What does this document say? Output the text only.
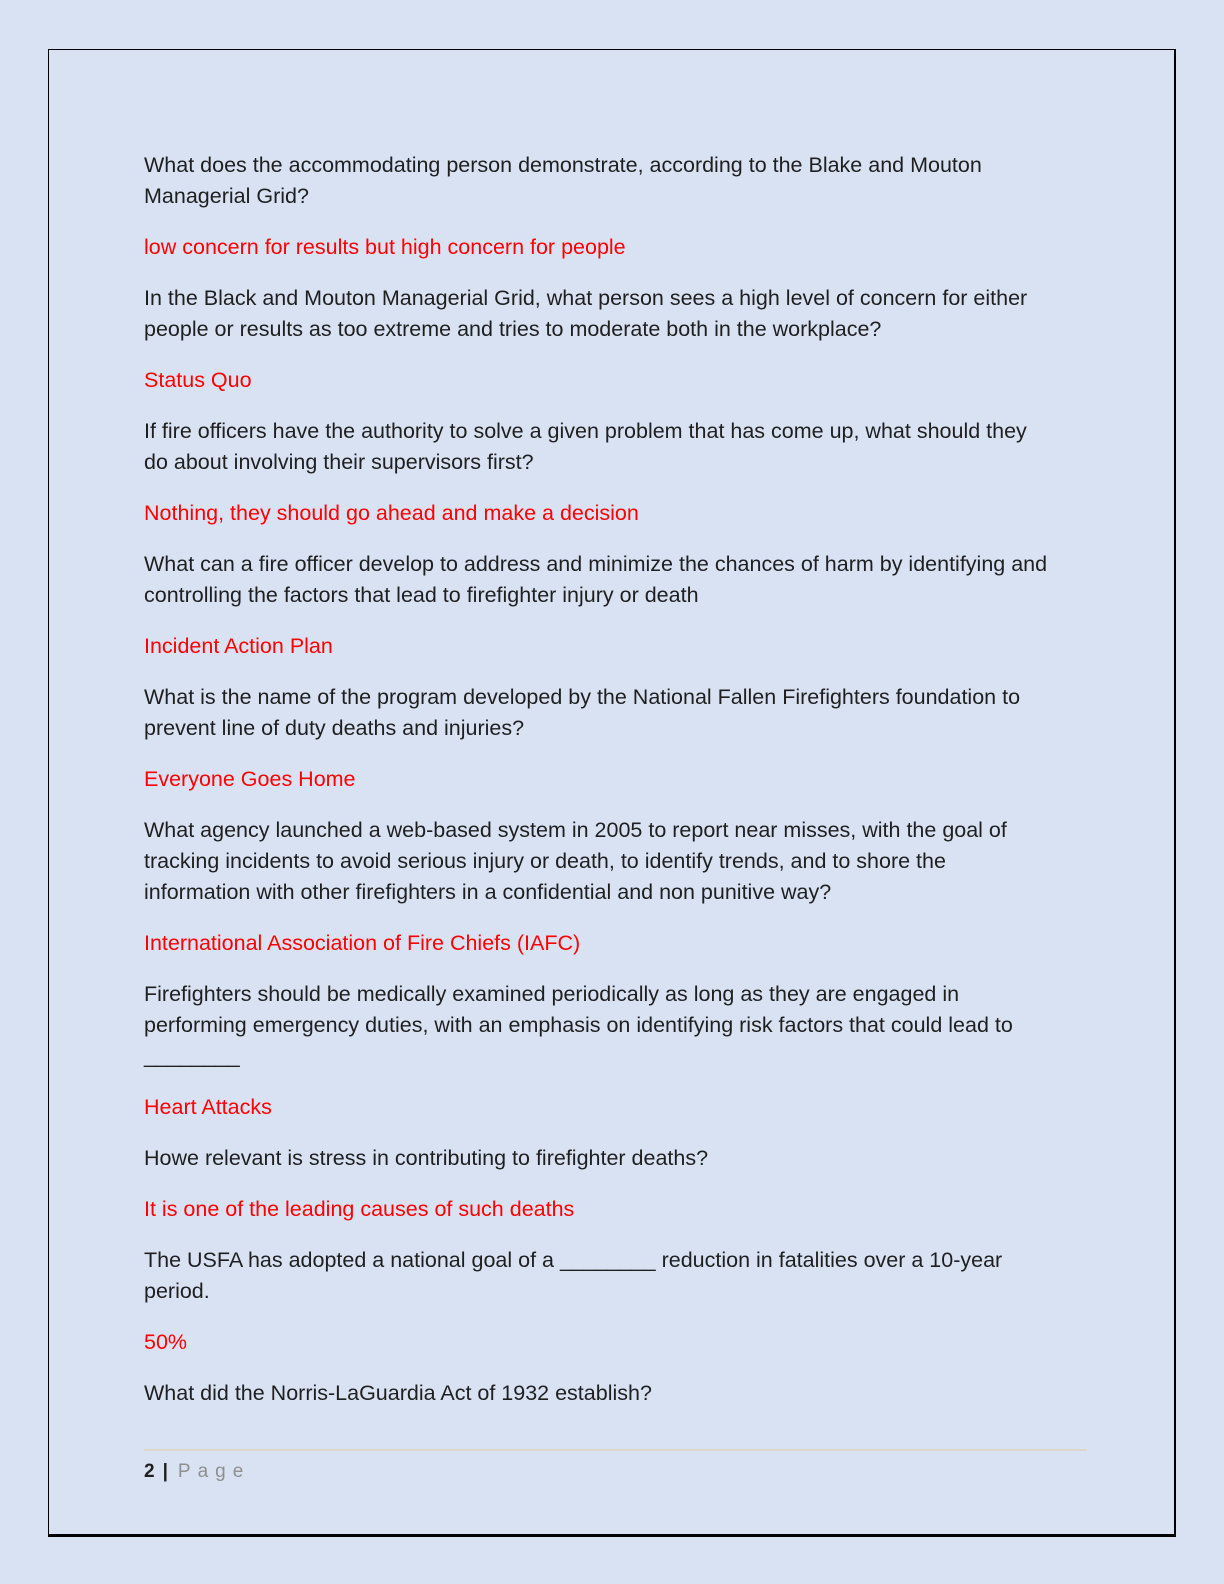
What does the accommodating person demonstrate, according to the Blake and Mouton Managerial Grid?

low concern for results but high concern for people

In the Black and Mouton Managerial Grid, what person sees a high level of concern for either people or results as too extreme and tries to moderate both in the workplace?

Status Quo

If fire officers have the authority to solve a given problem that has come up, what should they do about involving their supervisors first?

Nothing, they should go ahead and make a decision

What can a fire officer develop to address and minimize the chances of harm by identifying and controlling the factors that lead to firefighter injury or death

Incident Action Plan

What is the name of the program developed by the National Fallen Firefighters foundation to prevent line of duty deaths and injuries?

Everyone Goes Home

What agency launched a web-based system in 2005 to report near misses, with the goal of tracking incidents to avoid serious injury or death, to identify trends, and to shore the information with other firefighters in a confidential and non punitive way?

International Association of Fire Chiefs (IAFC)

Firefighters should be medically examined periodically as long as they are engaged in performing emergency duties, with an emphasis on identifying risk factors that could lead to ________

Heart Attacks

Howe relevant is stress in contributing to firefighter deaths?

It is one of the leading causes of such deaths

The USFA has adopted a national goal of a ________ reduction in fatalities over a 10-year period.

50%

What did the Norris-LaGuardia Act of 1932 establish?

2 | Page
